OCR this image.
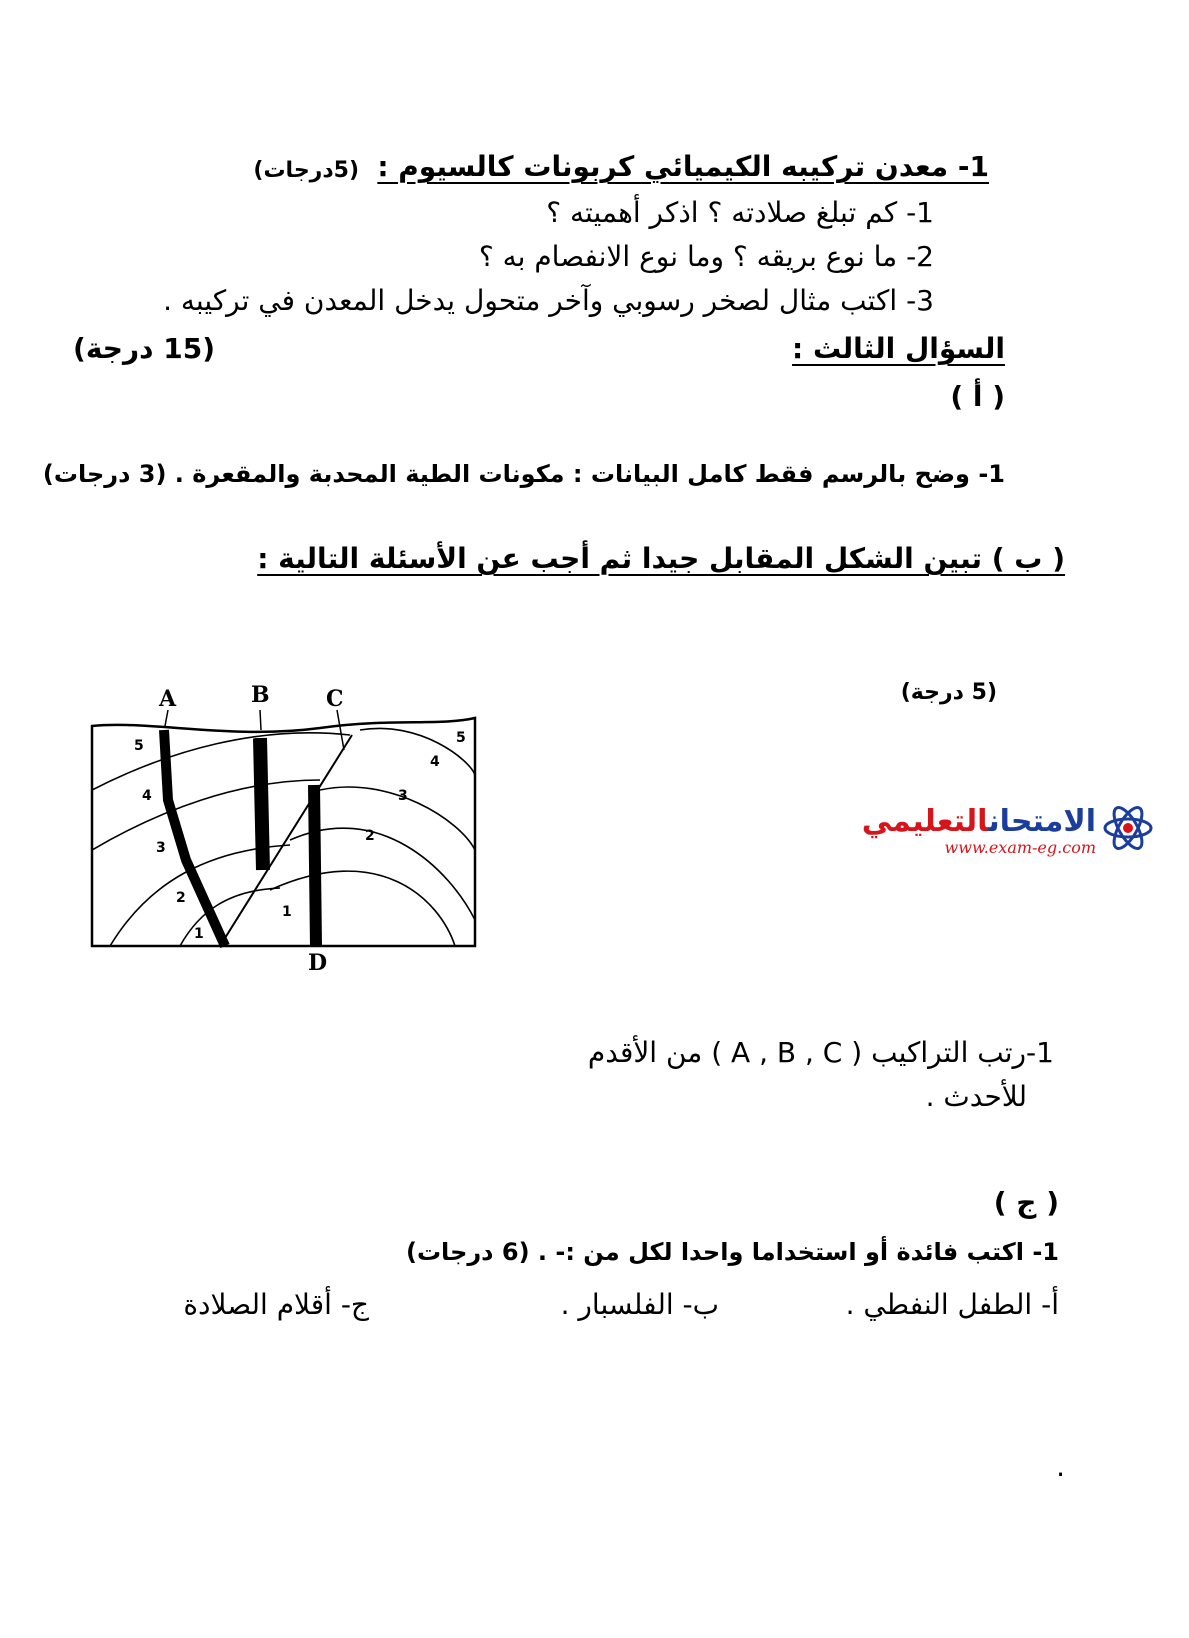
1- معدن تركيبه الكيميائي كربونات كالسيوم :
(5درجات)
1- كم تبلغ صلادته ؟ اذكر أهميته ؟
2- ما نوع بريقه ؟ وما نوع الانفصام به ؟
3- اكتب مثال لصخر رسوبي وآخر متحول يدخل المعدن في تركيبه .
السؤال الثالث :
(15 درجة)
( أ )
1- وضح بالرسم فقط كامل البيانات : مكونات الطية المحدبة والمقعرة . (3 درجات)
( ب ) تبين الشكل المقابل جيدا ثم أجب عن الأسئلة التالية :
(5 درجة)
A	B	C
D
5
4
3
2
1
5
4
3
2
1
الامتحانالتعليمي
www.exam-eg.com
1-رتب التراكيب ( A , B , C ) من الأقدم
للأحدث .
( ج )
1- اكتب فائدة أو استخداما واحدا لكل من :- . (6 درجات)
أ- الطفل النفطي .
ب- الفلسبار .
ج- أقلام الصلادة
.
